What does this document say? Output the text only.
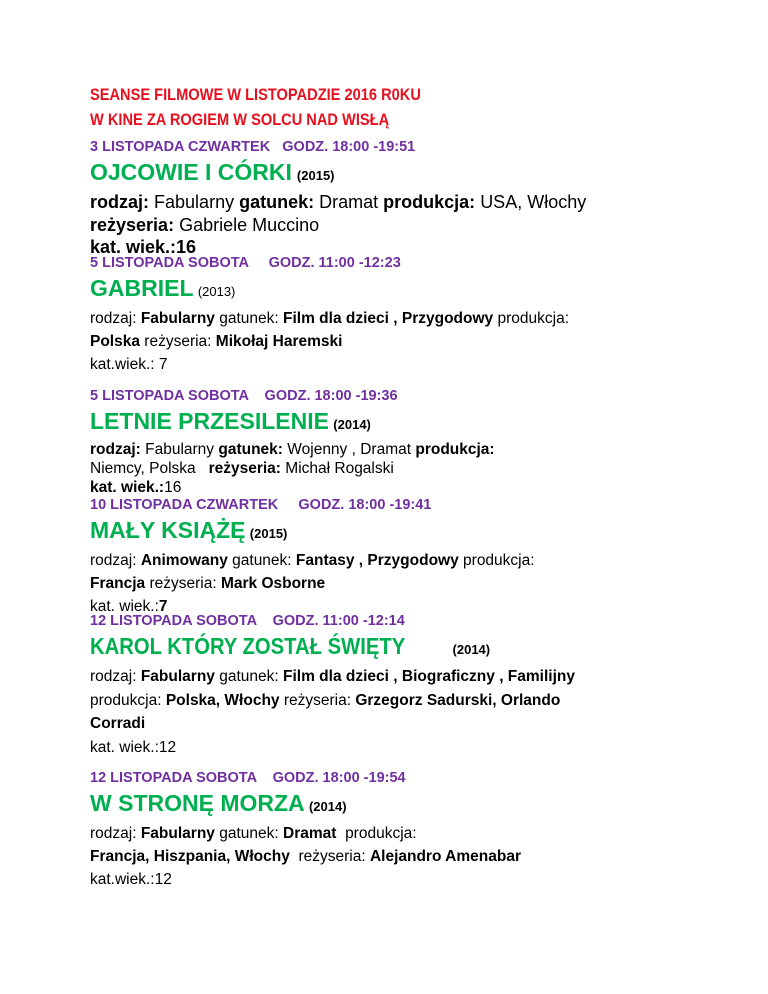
SEANSE FILMOWE W LISTOPADZIE 2016 R0KU
W KINE ZA ROGIEM W SOLCU NAD WISŁĄ
3 LISTOPADA CZWARTEK   GODZ. 18:00 -19:51
OJCOWIE I CÓRKI (2015)
rodzaj: Fabularny gatunek: Dramat produkcja: USA, Włochy
reżyseria: Gabriele Muccino
kat. wiek.:16
5 LISTOPADA SOBOTA     GODZ. 11:00 -12:23
GABRIEL (2013)
rodzaj: Fabularny gatunek: Film dla dzieci , Przygodowy produkcja:
Polska reżyseria: Mikołaj Haremski
kat.wiek.: 7
5 LISTOPADA SOBOTA    GODZ. 18:00 -19:36
LETNIE PRZESILENIE (2014)
rodzaj: Fabularny gatunek: Wojenny , Dramat produkcja:
Niemcy, Polska reżyseria: Michał Rogalski
kat. wiek.:16
10 LISTOPADA CZWARTEK     GODZ. 18:00 -19:41
MAŁY KSIĄŻĘ (2015)
rodzaj: Animowany gatunek: Fantasy , Przygodowy produkcja:
Francja reżyseria: Mark Osborne
kat. wiek.:7
12 LISTOPADA SOBOTA    GODZ. 11:00 -12:14
KAROL KTÓRY ZOSTAŁ ŚWIĘTY	(2014)
rodzaj: Fabularny gatunek: Film dla dzieci , Biograficzny , Familijny
produkcja: Polska, Włochy reżyseria: Grzegorz Sadurski, Orlando
Corradi
kat. wiek.:12
12 LISTOPADA SOBOTA    GODZ. 18:00 -19:54
W STRONĘ MORZA (2014)
rodzaj: Fabularny gatunek: Dramat produkcja:
Francja, Hiszpania, Włochy reżyseria: Alejandro Amenabar
kat.wiek.:12
